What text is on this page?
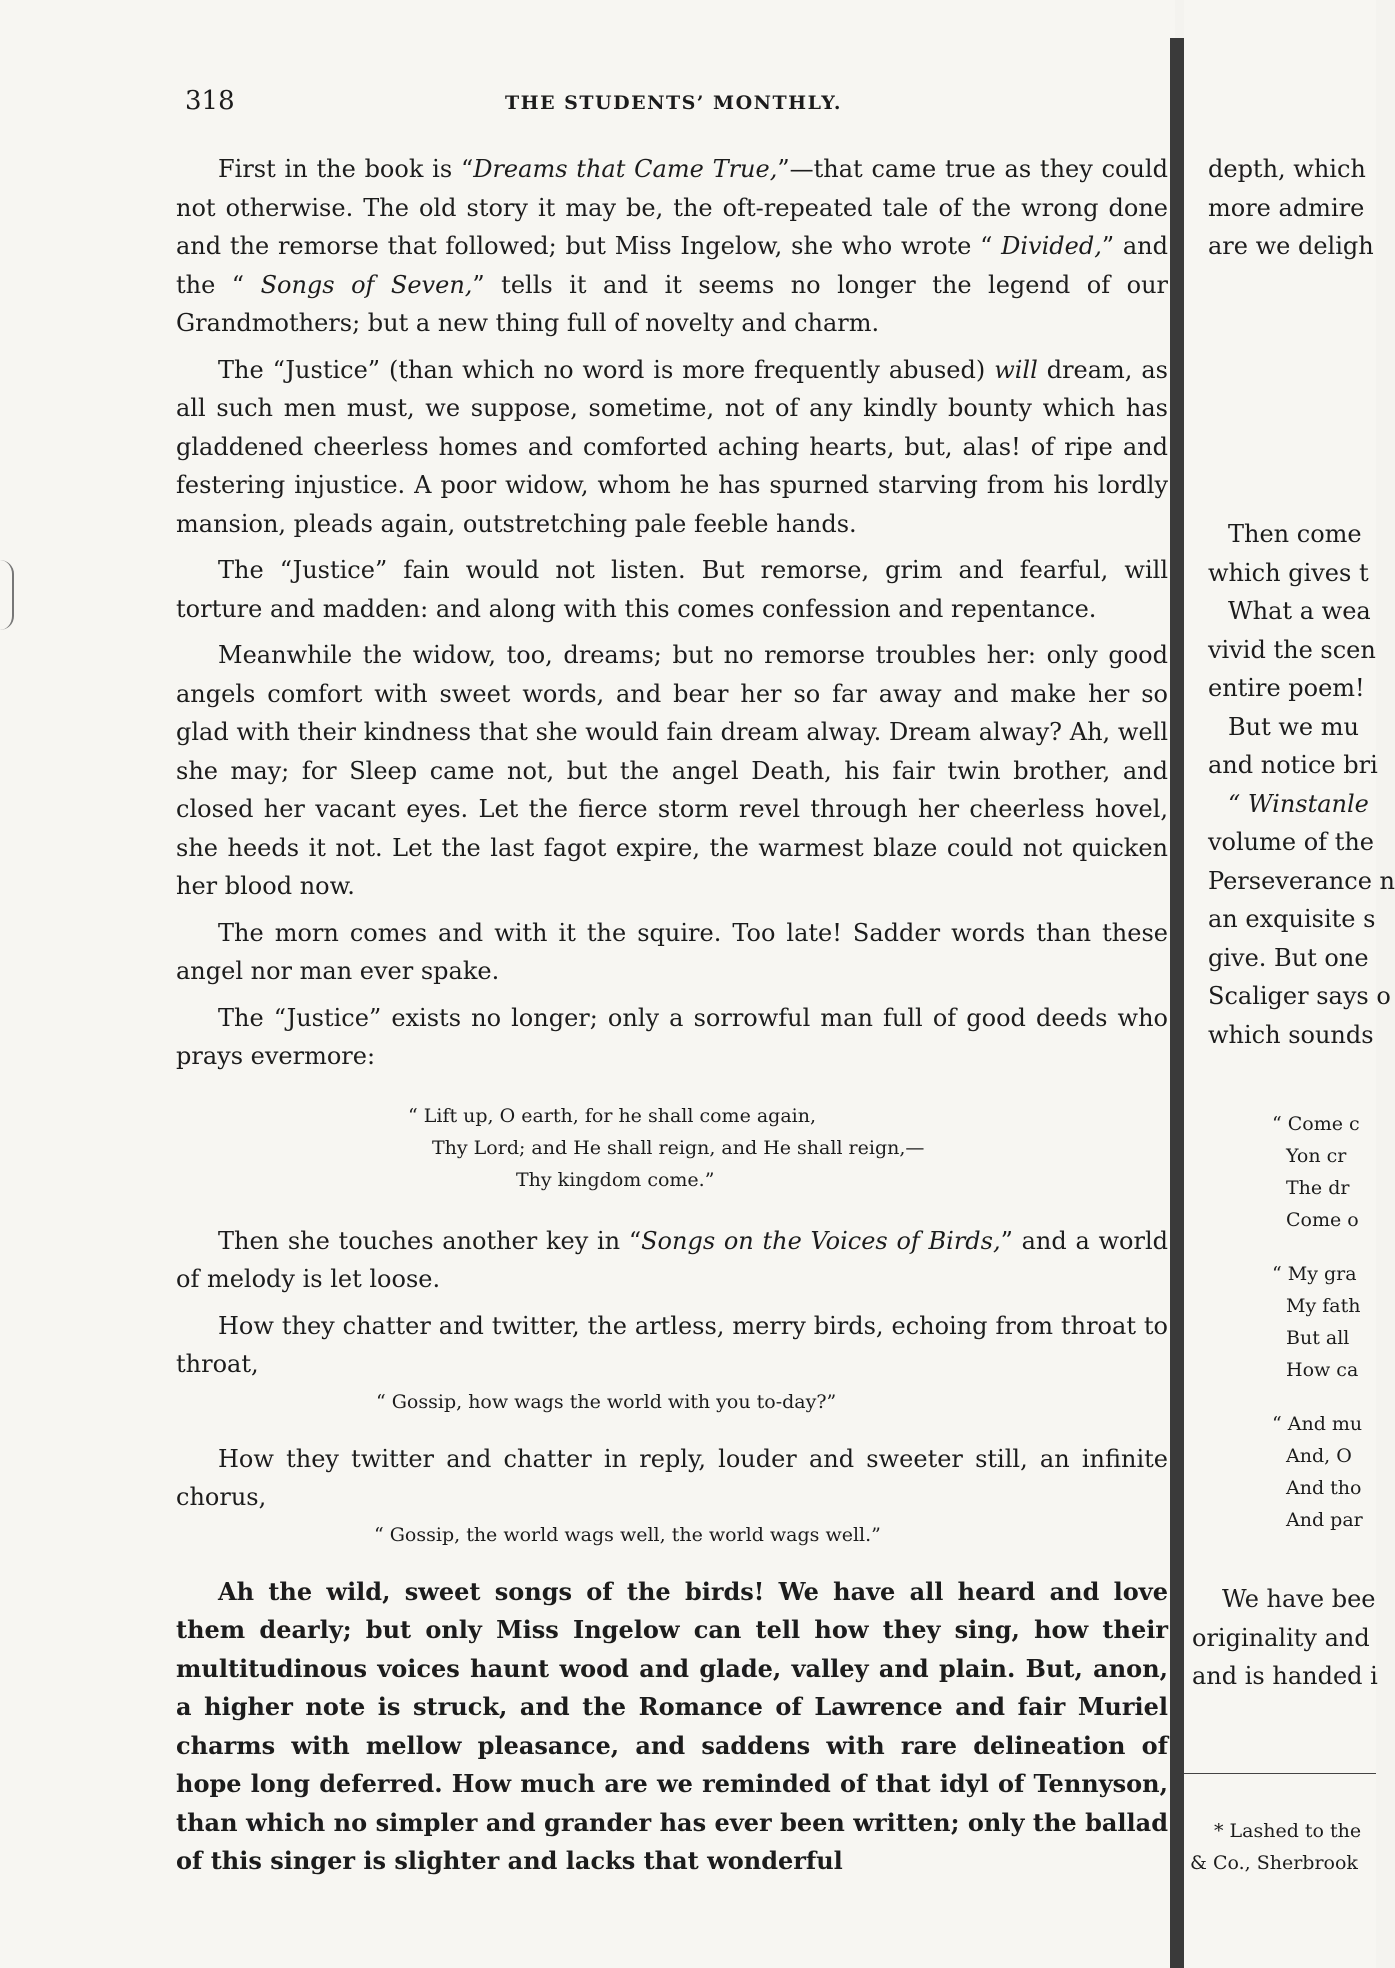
318	THE STUDENTS’ MONTHLY.

First in the book is “Dreams that Came True,”—that came true as they could not otherwise. The old story it may be, the oft-repeated tale of the wrong done and the remorse that followed; but Miss Ingelow, she who wrote “ Divided,” and the “ Songs of Seven,” tells it and it seems no longer the legend of our Grandmothers; but a new thing full of novelty and charm.

The “Justice” (than which no word is more frequently abused) will dream, as all such men must, we suppose, sometime, not of any kindly bounty which has gladdened cheerless homes and comforted aching hearts, but, alas! of ripe and festering injustice. A poor widow, whom he has spurned starving from his lordly mansion, pleads again, outstretching pale feeble hands.

The “Justice” fain would not listen. But remorse, grim and fearful, will torture and madden: and along with this comes confession and repentance.

Meanwhile the widow, too, dreams; but no remorse troubles her: only good angels comfort with sweet words, and bear her so far away and make her so glad with their kindness that she would fain dream alway. Dream alway? Ah, well she may; for Sleep came not, but the angel Death, his fair twin brother, and closed her vacant eyes. Let the fierce storm revel through her cheerless hovel, she heeds it not. Let the last fagot expire, the warmest blaze could not quicken her blood now.

The morn comes and with it the squire. Too late! Sadder words than these angel nor man ever spake.

The “Justice” exists no longer; only a sorrowful man full of good deeds who prays evermore:

“ Lift up, O earth, for he shall come again,
Thy Lord; and He shall reign, and He shall reign,—
Thy kingdom come.”

Then she touches another key in “Songs on the Voices of Birds,” and a world of melody is let loose.

How they chatter and twitter, the artless, merry birds, echoing from throat to throat,

“ Gossip, how wags the world with you to-day?”

How they twitter and chatter in reply, louder and sweeter still, an infinite chorus,

“ Gossip, the world wags well, the world wags well.”

Ah the wild, sweet songs of the birds! We have all heard and love them dearly; but only Miss Ingelow can tell how they sing, how their multitudinous voices haunt wood and glade, valley and plain. But, anon, a higher note is struck, and the Romance of Lawrence and fair Muriel charms with mellow pleasance, and saddens with rare delineation of hope long deferred. How much are we reminded of that idyl of Tennyson, than which no simpler and grander has ever been written; only the ballad of this singer is slighter and lacks that wonderful

depth, which
more admire
are we deligh
Then come
which gives t
What a wea
vivid the scen
entire poem!
But we mu
and notice bri
“ Winstanle
volume of the
Perseverance n
an exquisite s
give. But one
Scaliger says o
which sounds
“ Come c
Yon cr
The dr
Come o
“ My gra
My fath
But all
How ca
“ And mu
And, O
And tho
And par
We have bee
originality and
and is handed i
* Lashed to the
& Co., Sherbrook
